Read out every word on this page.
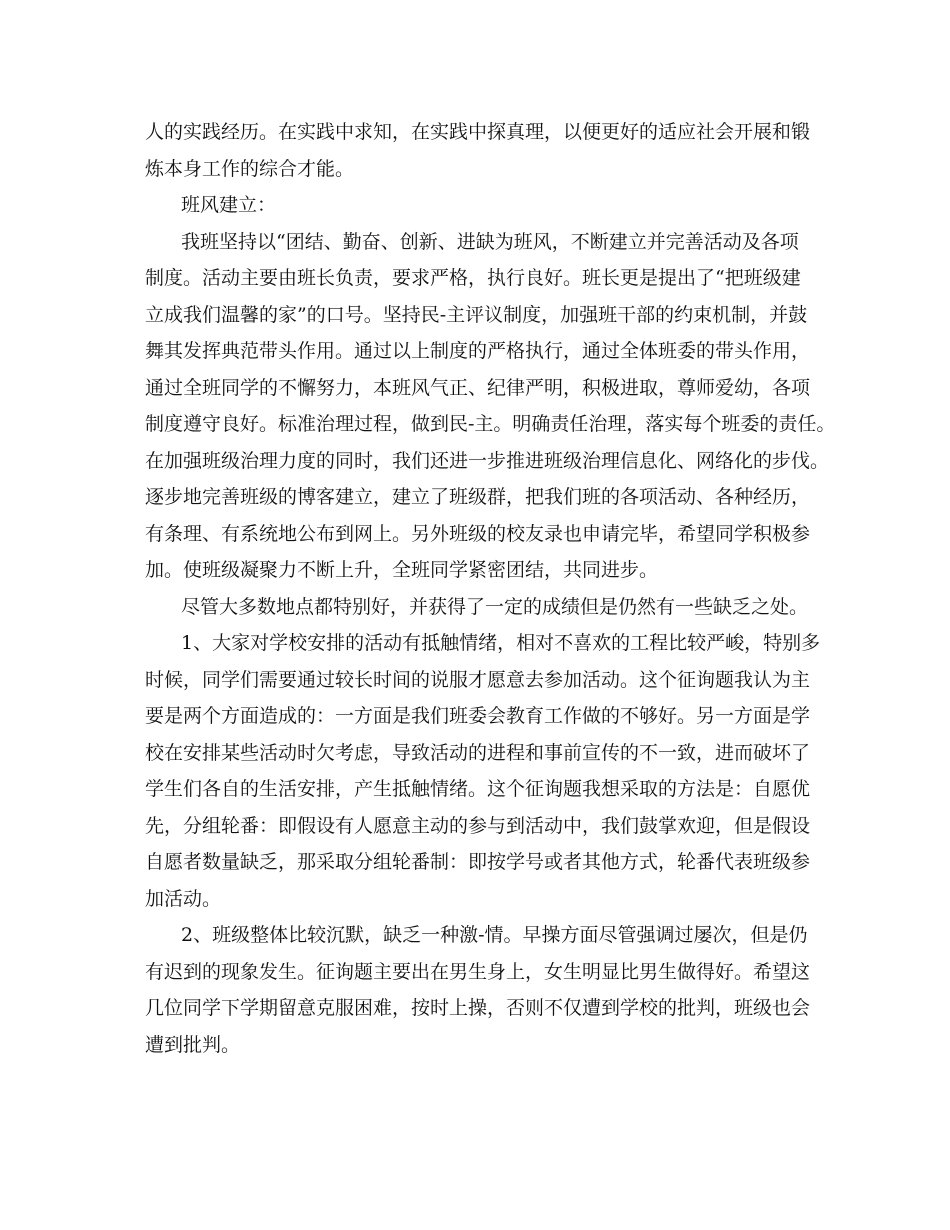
人的实践经历。在实践中求知，在实践中探真理，以便更好的适应社会开展和锻
炼本身工作的综合才能。
班风建立：
我班坚持以“团结、勤奋、创新、进缺为班风，不断建立并完善活动及各项
制度。活动主要由班长负责，要求严格，执行良好。班长更是提出了“把班级建
立成我们温馨的家”的口号。坚持民-主评议制度，加强班干部的约束机制，并鼓
舞其发挥典范带头作用。通过以上制度的严格执行，通过全体班委的带头作用，
通过全班同学的不懈努力，本班风气正、纪律严明，积极进取，尊师爱幼，各项
制度遵守良好。标准治理过程，做到民-主。明确责任治理，落实每个班委的责任。
在加强班级治理力度的同时，我们还进一步推进班级治理信息化、网络化的步伐。
逐步地完善班级的博客建立，建立了班级群，把我们班的各项活动、各种经历，
有条理、有系统地公布到网上。另外班级的校友录也申请完毕，希望同学积极参
加。使班级凝聚力不断上升，全班同学紧密团结，共同进步。
尽管大多数地点都特别好，并获得了一定的成绩但是仍然有一些缺乏之处。
1、大家对学校安排的活动有抵触情绪，相对不喜欢的工程比较严峻，特别多
时候，同学们需要通过较长时间的说服才愿意去参加活动。这个征询题我认为主
要是两个方面造成的：一方面是我们班委会教育工作做的不够好。另一方面是学
校在安排某些活动时欠考虑，导致活动的进程和事前宣传的不一致，进而破坏了
学生们各自的生活安排，产生抵触情绪。这个征询题我想采取的方法是：自愿优
先，分组轮番：即假设有人愿意主动的参与到活动中，我们鼓掌欢迎，但是假设
自愿者数量缺乏，那采取分组轮番制：即按学号或者其他方式，轮番代表班级参
加活动。
2、班级整体比较沉默，缺乏一种激-情。早操方面尽管强调过屡次，但是仍
有迟到的现象发生。征询题主要出在男生身上，女生明显比男生做得好。希望这
几位同学下学期留意克服困难，按时上操，否则不仅遭到学校的批判，班级也会
遭到批判。
